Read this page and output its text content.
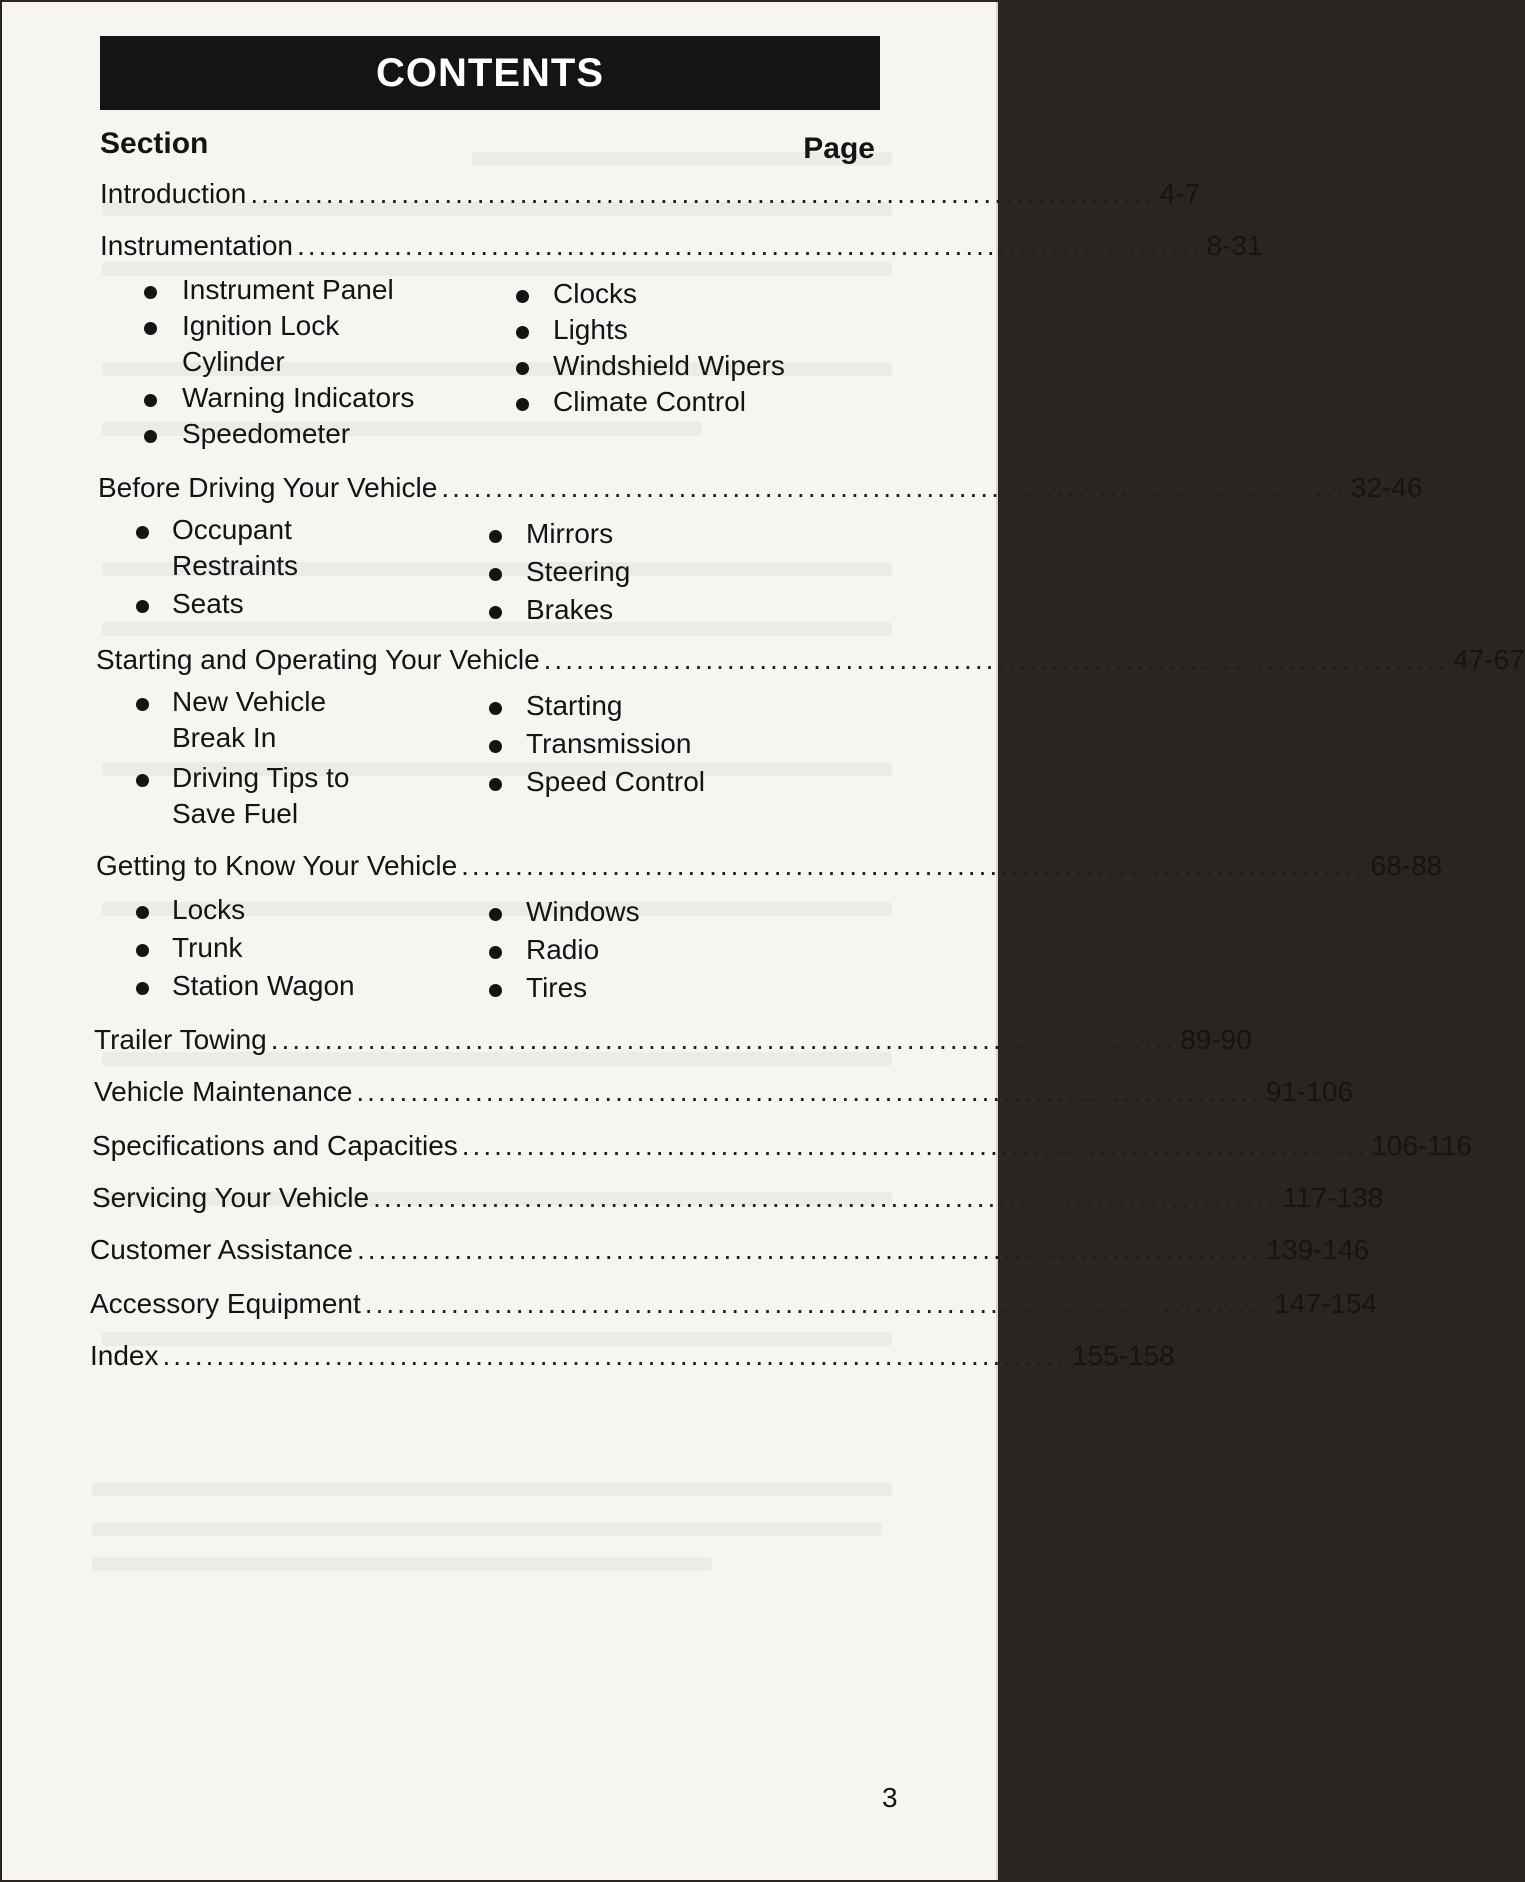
CONTENTS
Section	Page
Introduction .................................................................................... 4-7
Instrumentation .................................................................................... 8-31
Instrument Panel
Ignition Lock
Cylinder
Warning Indicators
Speedometer
Clocks
Lights
Windshield Wipers
Climate Control
Before Driving Your Vehicle .................................................................................... 32-46
Occupant
Restraints
Seats
Mirrors
Steering
Brakes
Starting and Operating Your Vehicle .................................................................................... 47-67
New Vehicle
Break In
Driving Tips to
Save Fuel
Starting
Transmission
Speed Control
Getting to Know Your Vehicle .................................................................................... 68-88
Locks
Trunk
Station Wagon
Windows
Radio
Tires
Trailer Towing .................................................................................... 89-90
Vehicle Maintenance .................................................................................... 91-106
Specifications and Capacities .................................................................................... 106-116
Servicing Your Vehicle .................................................................................... 117-138
Customer Assistance .................................................................................... 139-146
Accessory Equipment .................................................................................... 147-154
Index .................................................................................... 155-158
3
